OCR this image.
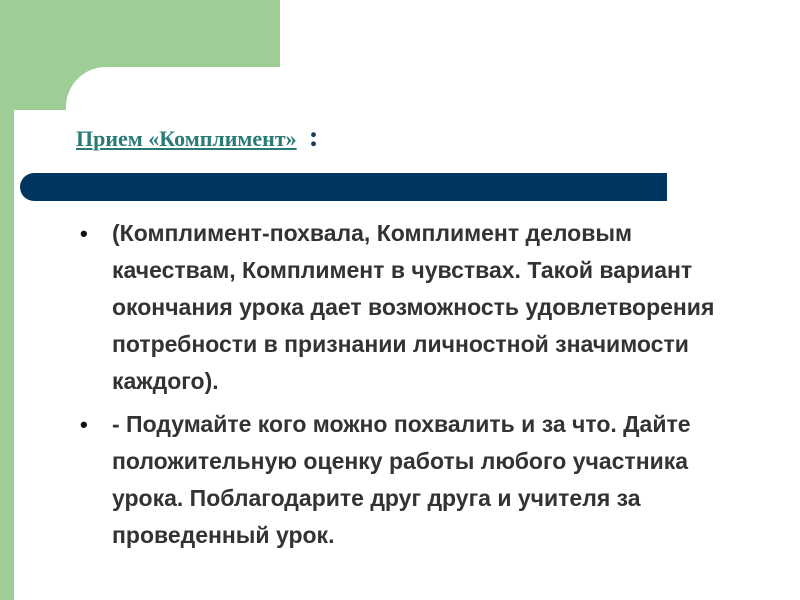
Прием «Комплимент» :
• (Комплимент-похвала, Комплимент деловым качествам, Комплимент в чувствах. Такой вариант окончания урока дает возможность удовлетворения потребности в признании личностной значимости каждого).
• - Подумайте кого можно похвалить и за что. Дайте положительную оценку работы любого участника урока. Поблагодарите друг друга и учителя за проведенный урок.
